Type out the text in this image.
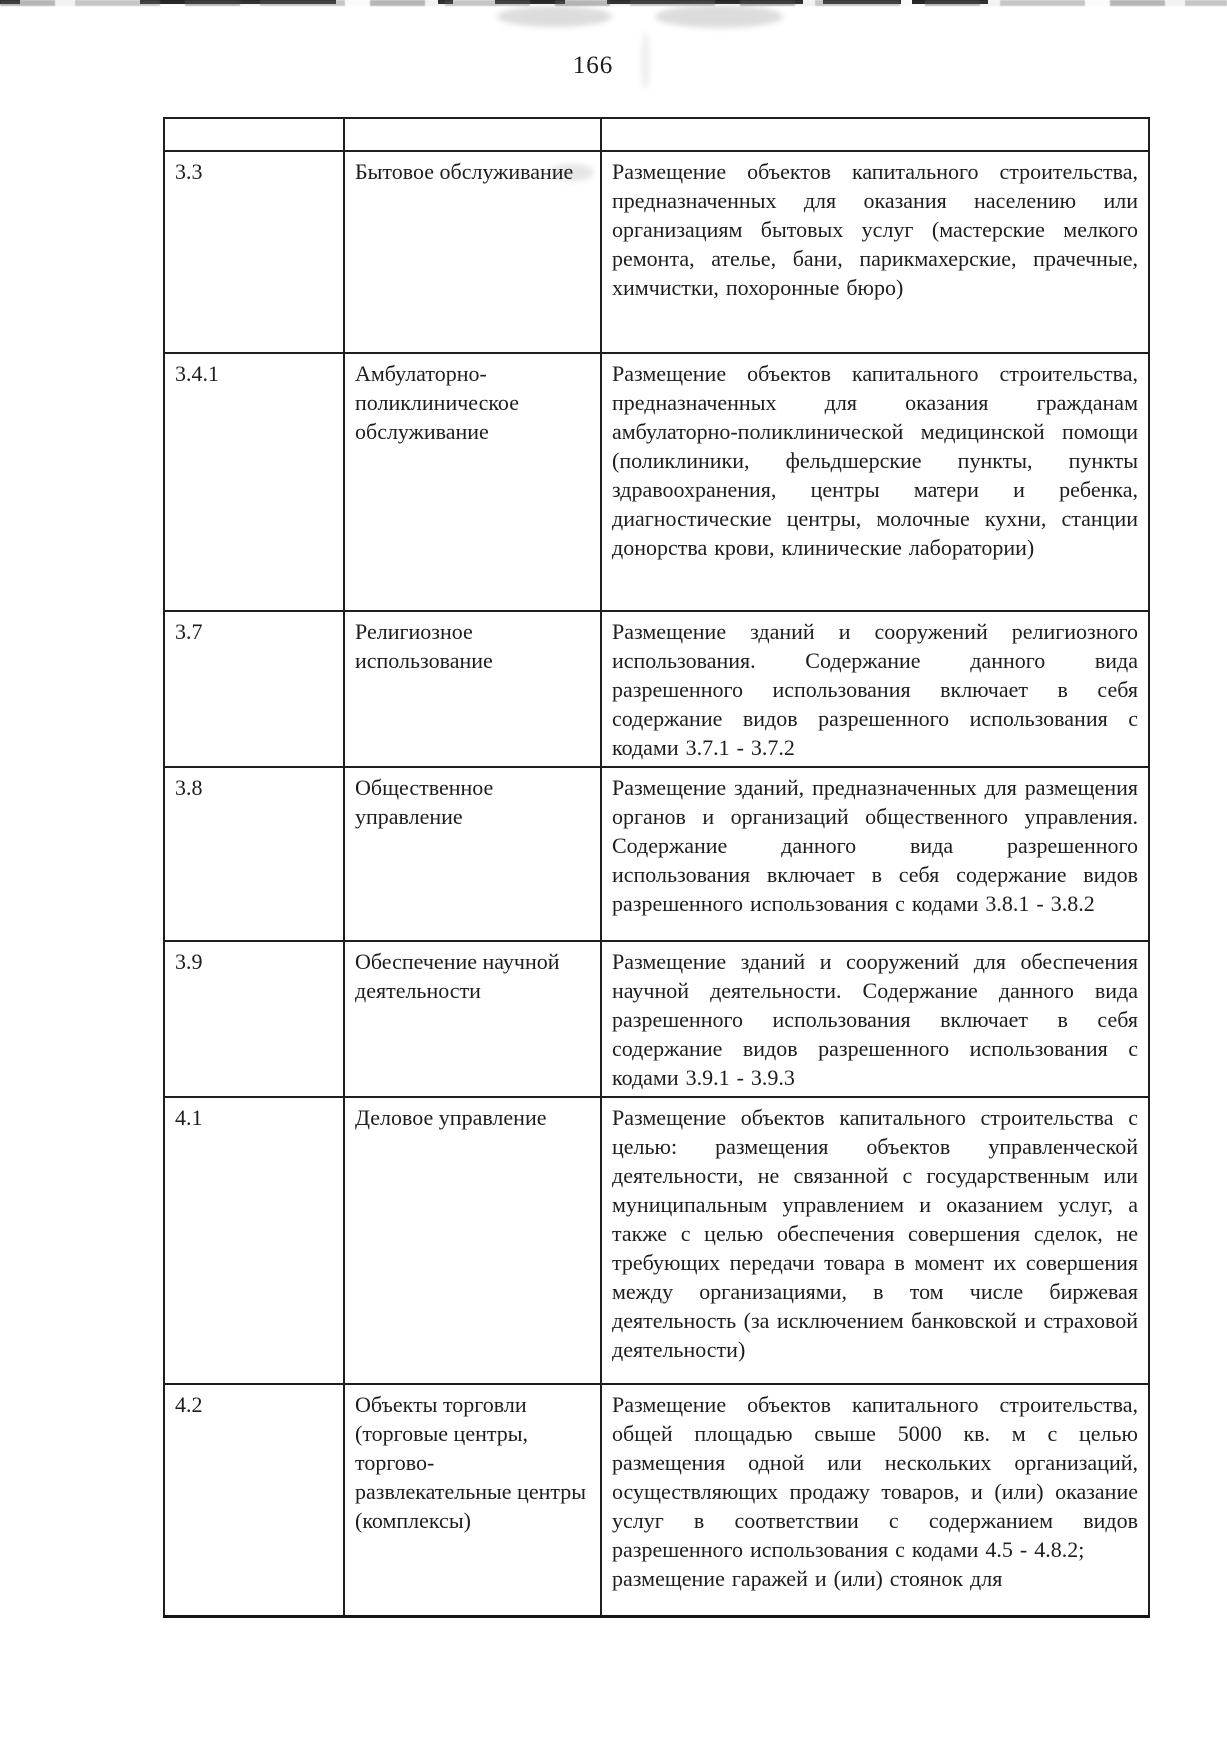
166

3.3	Бытовое обслуживание	Размещение объектов капитального строительства, предназначенных для оказания населению или организациям бытовых услуг (мастерские мелкого ремонта, ателье, бани, парикмахерские, прачечные, химчистки, похоронные бюро)
3.4.1	Амбулаторно-поликлиническое обслуживание	Размещение объектов капитального строительства, предназначенных для оказания гражданам амбулаторно-поликлинической медицинской помощи (поликлиники, фельдшерские пункты, пункты здравоохранения, центры матери и ребенка, диагностические центры, молочные кухни, станции донорства крови, клинические лаборатории)
3.7	Религиозное использование	Размещение зданий и сооружений религиозного использования. Содержание данного вида разрешенного использования включает в себя содержание видов разрешенного использования с кодами 3.7.1 - 3.7.2
3.8	Общественное управление	Размещение зданий, предназначенных для размещения органов и организаций общественного управления. Содержание данного вида разрешенного использования включает в себя содержание видов разрешенного использования с кодами 3.8.1 - 3.8.2
3.9	Обеспечение научной деятельности	Размещение зданий и сооружений для обеспечения научной деятельности. Содержание данного вида разрешенного использования включает в себя содержание видов разрешенного использования с кодами 3.9.1 - 3.9.3
4.1	Деловое управление	Размещение объектов капитального строительства с целью: размещения объектов управленческой деятельности, не связанной с государственным или муниципальным управлением и оказанием услуг, а также с целью обеспечения совершения сделок, не требующих передачи товара в момент их совершения между организациями, в том числе биржевая деятельность (за исключением банковской и страховой деятельности)
4.2	Объекты торговли (торговые центры, торгово-развлекательные центры (комплексы)	Размещение объектов капитального строительства, общей площадью свыше 5000 кв. м с целью размещения одной или нескольких организаций, осуществляющих продажу товаров, и (или) оказание услуг в соответствии с содержанием видов разрешенного использования с кодами 4.5 - 4.8.2;
размещение гаражей и (или) стоянок для
